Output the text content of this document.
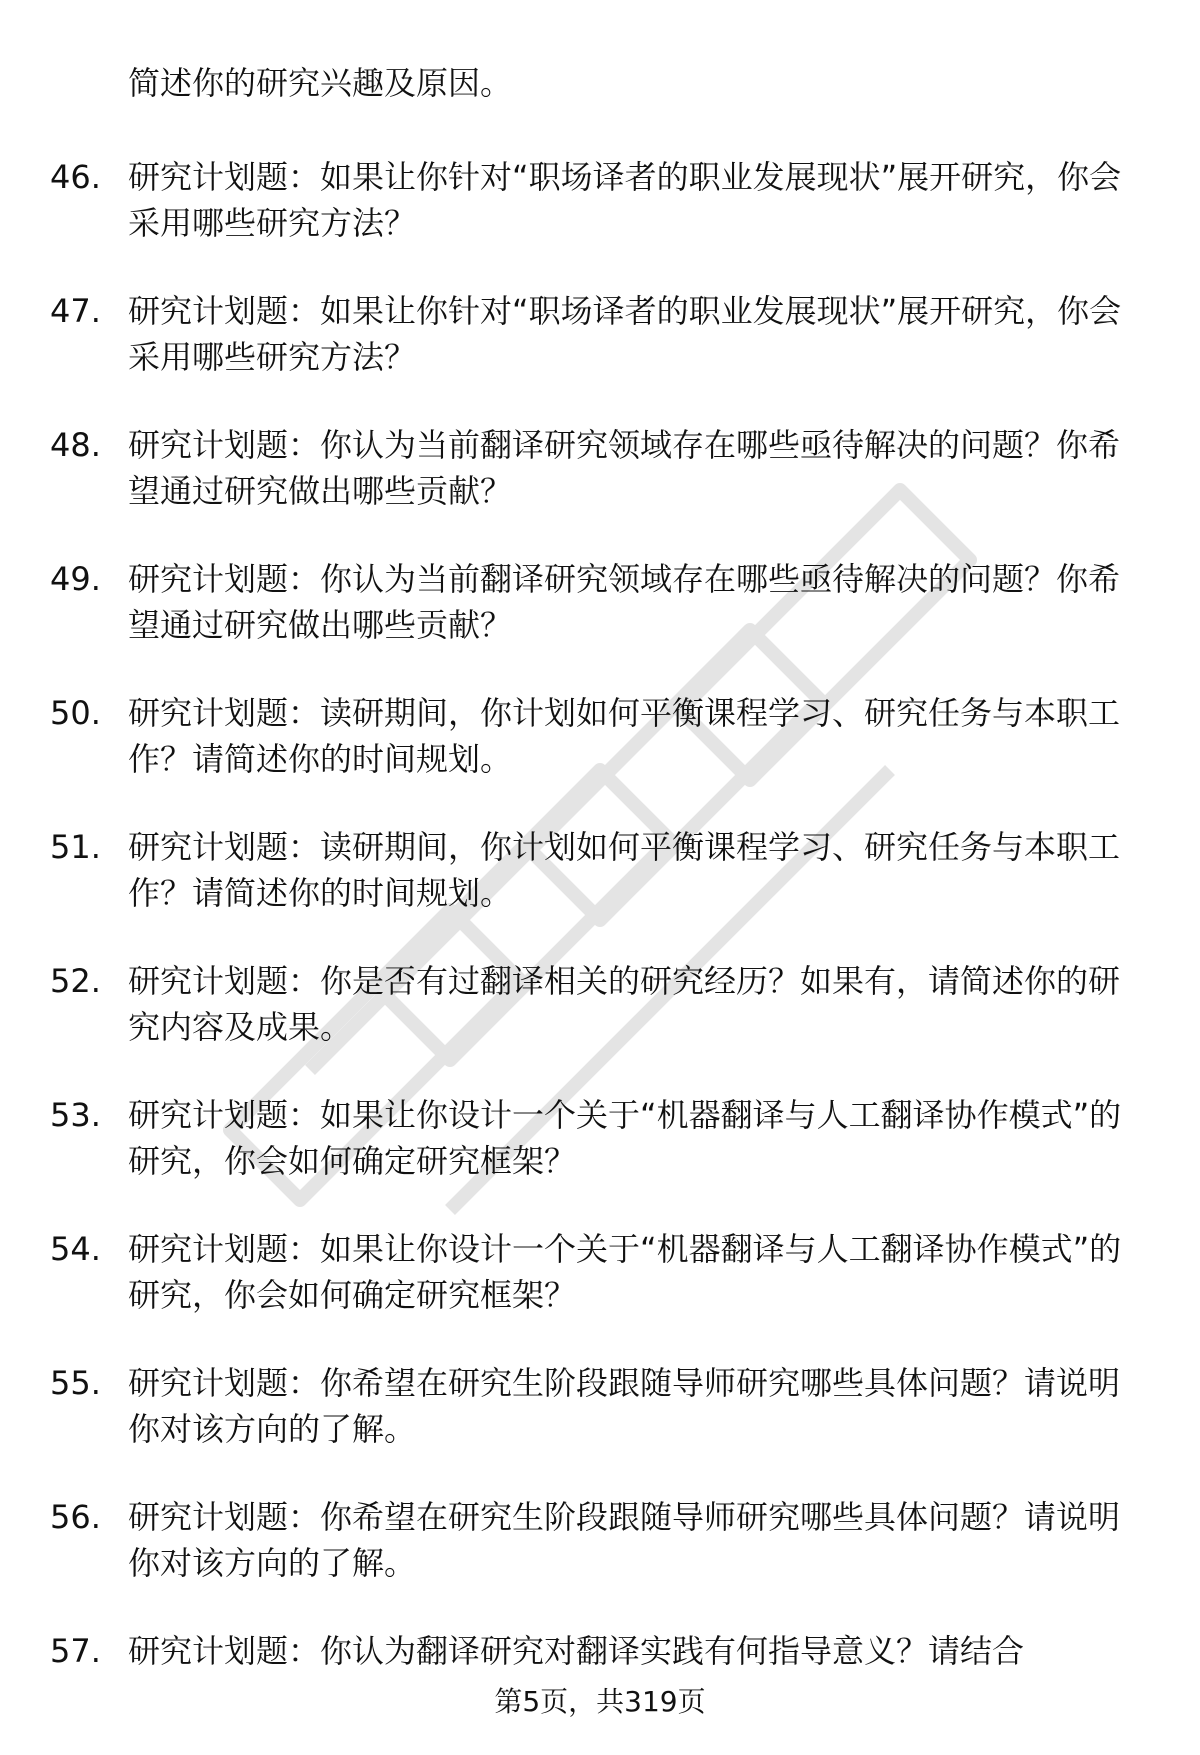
简述你的研究兴趣及原因。
46. 研究计划题：如果让你针对“职场译者的职业发展现状”展开研究，你会采用哪些研究方法？
47. 研究计划题：如果让你针对“职场译者的职业发展现状”展开研究，你会采用哪些研究方法？
48. 研究计划题：你认为当前翻译研究领域存在哪些亟待解决的问题？你希望通过研究做出哪些贡献？
49. 研究计划题：你认为当前翻译研究领域存在哪些亟待解决的问题？你希望通过研究做出哪些贡献？
50. 研究计划题：读研期间，你计划如何平衡课程学习、研究任务与本职工作？请简述你的时间规划。
51. 研究计划题：读研期间，你计划如何平衡课程学习、研究任务与本职工作？请简述你的时间规划。
52. 研究计划题：你是否有过翻译相关的研究经历？如果有，请简述你的研究内容及成果。
53. 研究计划题：如果让你设计一个关于“机器翻译与人工翻译协作模式”的研究，你会如何确定研究框架？
54. 研究计划题：如果让你设计一个关于“机器翻译与人工翻译协作模式”的研究，你会如何确定研究框架？
55. 研究计划题：你希望在研究生阶段跟随导师研究哪些具体问题？请说明你对该方向的了解。
56. 研究计划题：你希望在研究生阶段跟随导师研究哪些具体问题？请说明你对该方向的了解。
57. 研究计划题：你认为翻译研究对翻译实践有何指导意义？请结合
第5页，共319页
